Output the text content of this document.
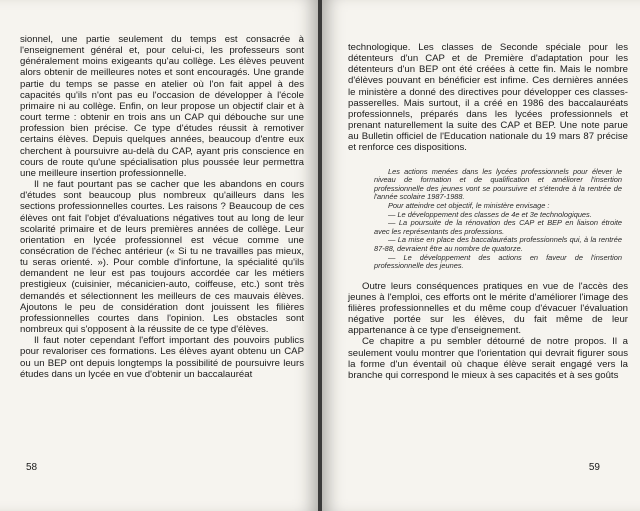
sionnel, une partie seulement du temps est consacrée à l'enseignement général et, pour celui-ci, les professeurs sont généralement moins exigeants qu'au collège. Les élèves peuvent alors obtenir de meilleures notes et sont encouragés. Une grande partie du temps se passe en atelier où l'on fait appel à des capacités qu'ils n'ont pas eu l'occasion de développer à l'école primaire ni au collège. Enfin, on leur propose un objectif clair et à court terme : obtenir en trois ans un CAP qui débouche sur une profession bien précise. Ce type d'études réussit à remotiver certains élèves. Depuis quelques années, beaucoup d'entre eux cherchent à poursuivre au-delà du CAP, ayant pris conscience en cours de route qu'une spécialisation plus poussée leur permettra une meilleure insertion professionnelle.

Il ne faut pourtant pas se cacher que les abandons en cours d'études sont beaucoup plus nombreux qu'ailleurs dans les sections professionnelles courtes. Les raisons ? Beaucoup de ces élèves ont fait l'objet d'évaluations négatives tout au long de leur scolarité primaire et de leurs premières années de collège. Leur orientation en lycée professionnel est vécue comme une consécration de l'échec antérieur (« Si tu ne travailles pas mieux, tu seras orienté. »). Pour comble d'infortune, la spécialité qu'ils demandent ne leur est pas toujours accordée car les métiers prestigieux (cuisinier, mécanicien-auto, coiffeuse, etc.) sont très demandés et sélectionnent les meilleurs de ces mauvais élèves. Ajoutons le peu de considération dont jouissent les filières professionnelles courtes dans l'opinion. Les obstacles sont nombreux qui s'opposent à la réussite de ce type d'élèves.

Il faut noter cependant l'effort important des pouvoirs publics pour revaloriser ces formations. Les élèves ayant obtenu un CAP ou un BEP ont depuis longtemps la possibilité de poursuivre leurs études dans un lycée en vue d'obtenir un baccalauréat

58

technologique. Les classes de Seconde spéciale pour les détenteurs d'un CAP et de Première d'adaptation pour les détenteurs d'un BEP ont été créées à cette fin. Mais le nombre d'élèves pouvant en bénéficier est infime. Ces dernières années le ministère a donné des directives pour développer ces classes-passerelles. Mais surtout, il a créé en 1986 des baccalauréats professionnels, préparés dans les lycées professionnels et prenant naturellement la suite des CAP et BEP. Une note parue au Bulletin officiel de l'Education nationale du 19 mars 87 précise et renforce ces dispositions.

Les actions menées dans les lycées professionnels pour élever le niveau de formation et de qualification et améliorer l'insertion professionnelle des jeunes vont se poursuivre et s'étendre à la rentrée de l'année scolaire 1987-1988.

Pour atteindre cet objectif, le ministère envisage :

— Le développement des classes de 4e et 3e technologiques.

— La poursuite de la rénovation des CAP et BEP en liaison étroite avec les représentants des professions.

— La mise en place des baccalauréats professionnels qui, à la rentrée 87-88, devraient être au nombre de quatorze.

— Le développement des actions en faveur de l'insertion professionnelle des jeunes.

Outre leurs conséquences pratiques en vue de l'accès des jeunes à l'emploi, ces efforts ont le mérite d'améliorer l'image des filières professionnelles et du même coup d'évacuer l'évaluation négative portée sur les élèves, du fait même de leur appartenance à ce type d'enseignement.

Ce chapitre a pu sembler détourné de notre propos. Il a seulement voulu montrer que l'orientation qui devrait figurer sous la forme d'un éventail où chaque élève serait engagé vers la branche qui correspond le mieux à ses capacités et à ses goûts

59
